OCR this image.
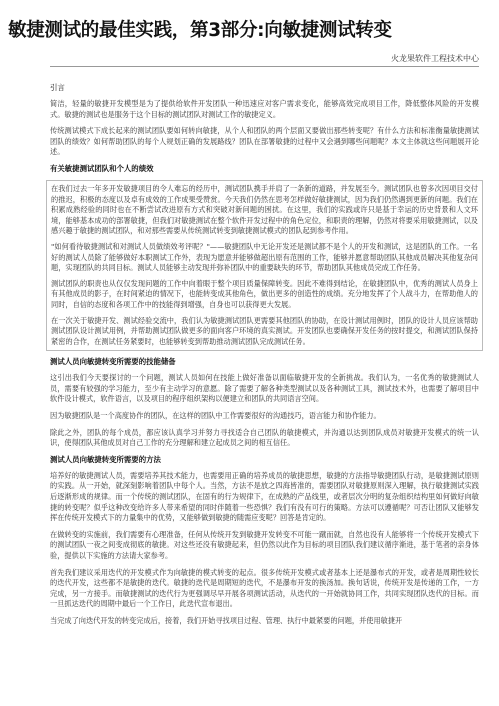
敏捷测试的最佳实践，第3部分:向敏捷测试转变
火龙果软件工程技术中心
引言

简洁，轻量的敏捷开发模型是为了提供给软件开发团队一种迅速应对客户需求变化，能够高效完成项目工作，降低整体风险的开发模式。敏捷的测试也是服务于这个目标的测试团队对测试工作的敏捷定义。

传统测试模式下成长起来的测试团队要如何转向敏捷，从个人和团队的两个层面又要做出那些转变呢？有什么方法和标准衡量敏捷测试团队的绩效？如何帮助团队的每个人规划正确的发展路线？团队在部署敏捷的过程中又会遇到哪些问题呢？本文主体就这些问题展开论述。

有关敏捷测试团队和个人的绩效

在我们过去一年多开发敏捷项目的令人难忘的经历中，测试团队携手并肩了一条新的道路，并发展至今。测试团队也曾多次因项目交付的推迟，积极的态度以及卓有成效的工作成果受赞赏。今天我们仍然在思考怎样做好敏捷测试，因为我们仍然遇到更新的问题。我们在积累成熟经验的同时也在不断尝试改进原有方式和突破对新问题的困扰。在这里，我们的实践或许只是基于幸运的历史背景和人文环境，能够基本成功的部署敏捷，但我们对敏捷测试在整个软件开发过程中的角色定位，和职责的理解，仍然对将要采用敏捷测试，以及感兴趣于敏捷的测试团队，和对那些需要从传统测试转变到敏捷测试模式的团队起到参考作用。

"如何看待敏捷测试和对测试人员做绩效考评呢？"——敏捷团队中无论开发还是测试都不是个人的开发和测试，这是团队的工作。一名好的测试人员除了能够做好本职测试工作外，表现为愿意并能够做超出原有范围的工作，能够并愿意帮助团队其他成员解决其他复杂问题，实现团队的共同目标。测试人员能够主动发现并弥补团队中的重要缺失的环节，帮助团队其他成员完成工作任务。

测试团队的职责也从仅仅发现问题的工作中向着眼于整个项目质量保障转变。因此不难得到结论，在敏捷团队中，优秀的测试人员身上有其他成员的影子，在时间紧迫的情况下，也能转变成其他角色，做出更多的创造性的成绩。充分地发挥了个人战斗力，在帮助他人的同时，自信的态度和各项工作中的技能得到增强，自身也可以获得更大发展。

在一次关于敏捷开发、测试经验交流中，我们认为敏捷测试团队更需要其他团队的协助，在设计测试用例时，团队的设计人员应该帮助测试团队设计测试用例，并帮助测试团队做更多的面向客户环境的真实测试。开发团队也要确保开发任务的按时提交，和测试团队保持紧密的合作，在测试任务紧要时，也能够转变到帮助推动测试团队完成测试任务。

测试人员向敏捷转变所需要的技能储备

这引出我们今天要探讨的一个问题，测试人员如何在技能上做好准备以面临敏捷开发的全新挑战。我们认为，一名优秀的敏捷测试人员，需要有较强的学习能力，至少有主动学习的意愿。除了需要了解各种类型测试以及各种测试工具，测试技术外，也需要了解项目中软件设计模式，软件语言，以及项目的程序组织架构以便建立和团队的共同语言空间。

因为敏捷团队是一个高度协作的团队，在这样的团队中工作需要很好的沟通技巧，语言能力和协作能力。

除此之外，团队的每个成员，都应该认真学习并努力寻找适合自己团队的敏捷模式，并沟通以达到团队成员对敏捷开发模式的统一认识，使得团队其他成员对自己工作的充分理解和建立起成员之间的相互信任。

测试人员向敏捷转变所需要的方法

培养好的敏捷测试人员，需要培养其技术能力，也需要用正确的培养成员的敏捷思想，敏捷的方法指导敏捷团队行动，是敏捷测试原则的实践。从一开始，就深刻影响着团队中每个人。当然，方法不是放之四海皆准的，需要团队对敏捷原则深入理解，执行敏捷测试实践后逐渐形成的规律。而一个传统的测试团队，在固有的行为规律下，在成熟的产品线里，或者层次分明的复杂组织结构里如何做好向敏捷的转变呢？似乎这种改变给许多人带来希望的同时伴随着一些恐惧？我们有没有可行的策略。方法可以遵循呢？可否让团队又能够发挥在传统开发模式下的力量集中的优势，又能够做到敏捷的随需应变呢？回答是肯定的。

在做转变的实施前，我们需要有心理准备，任何从传统开发到敏捷开发转变不可能一蹴而就，自然也没有人能够将一个传统开发模式下的测试团队一夜之间变成彻底的敏捷。对这些还没有敏捷起来，但仍然以此作为目标的项目团队我们建议循序渐进，基于笔者的亲身体验，提供以下实施的方法请大家参考。

首先我们建议采用迭代的开发模式作为向敏捷的模式转变的起点。很多传统开发模式或者基本上还是瀑布式的开发，或者是周期性较长的迭代开发，这些都不是敏捷的迭代。敏捷的迭代是周期短的迭代，不是瀑布开发的换汤加。换句话说，传统开发是传递的工作，一方完成，另一方接手。而敏捷测试的迭代行为更强调尽早开展各项测试活动，从迭代的一开始就协同工作，共同实现团队迭代的目标。而一旦抓达迭代的周期中最后一个工作日，此迭代宣布退出。

当完成了向迭代开发的转变完成后，接着，我们开始寻找项目过程、管理、执行中最紧要的问题，并使用敏捷开
